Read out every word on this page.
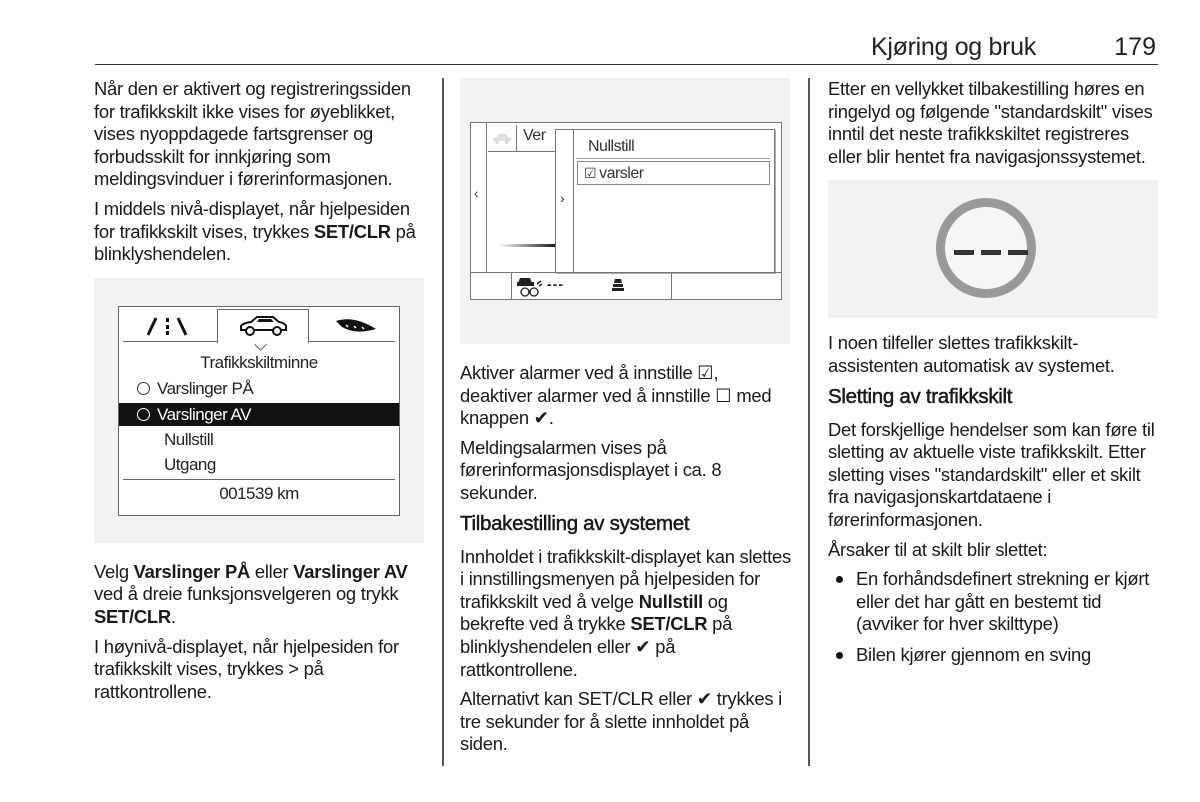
Kjøring og bruk	179

Når den er aktivert og registreringssiden for trafikkskilt ikke vises for øyeblikket, vises nyoppdagede fartsgrenser og forbudsskilt for innkjøring som meldingsvinduer i førerinformasjonen.

I middels nivå-displayet, når hjelpesiden for trafikkskilt vises, trykkes SET/CLR på blinklyshendelen.

Trafikkskiltminne
Varslinger PÅ
Varslinger AV
Nullstill
Utgang
001539 km

Velg Varslinger PÅ eller Varslinger AV ved å dreie funksjonsvelgeren og trykk SET/CLR.

I høynivå-displayet, når hjelpesiden for trafikkskilt vises, trykkes > på rattkontrollene.

‹
Ver
›
Nullstill
☑ varsler
---

Aktiver alarmer ved å innstille ☑, deaktiver alarmer ved å innstille ☐ med knappen ✔.

Meldingsalarmen vises på førerinformasjonsdisplayet i ca. 8 sekunder.

Tilbakestilling av systemet

Innholdet i trafikkskilt-displayet kan slettes i innstillingsmenyen på hjelpesiden for trafikkskilt ved å velge Nullstill og bekrefte ved å trykke SET/CLR på blinklyshendelen eller ✔ på rattkontrollene.

Alternativt kan SET/CLR eller ✔ trykkes i tre sekunder for å slette innholdet på siden.

Etter en vellykket tilbakestilling høres en ringelyd og følgende "standardskilt" vises inntil det neste trafikkskiltet registreres eller blir hentet fra navigasjonssystemet.

I noen tilfeller slettes trafikkskilt-assistenten automatisk av systemet.

Sletting av trafikkskilt

Det forskjellige hendelser som kan føre til sletting av aktuelle viste trafikkskilt. Etter sletting vises "standardskilt" eller et skilt fra navigasjonskartdataene i førerinformasjonen.

Årsaker til at skilt blir slettet:

En forhåndsdefinert strekning er kjørt eller det har gått en bestemt tid (avviker for hver skilttype)
Bilen kjører gjennom en sving
